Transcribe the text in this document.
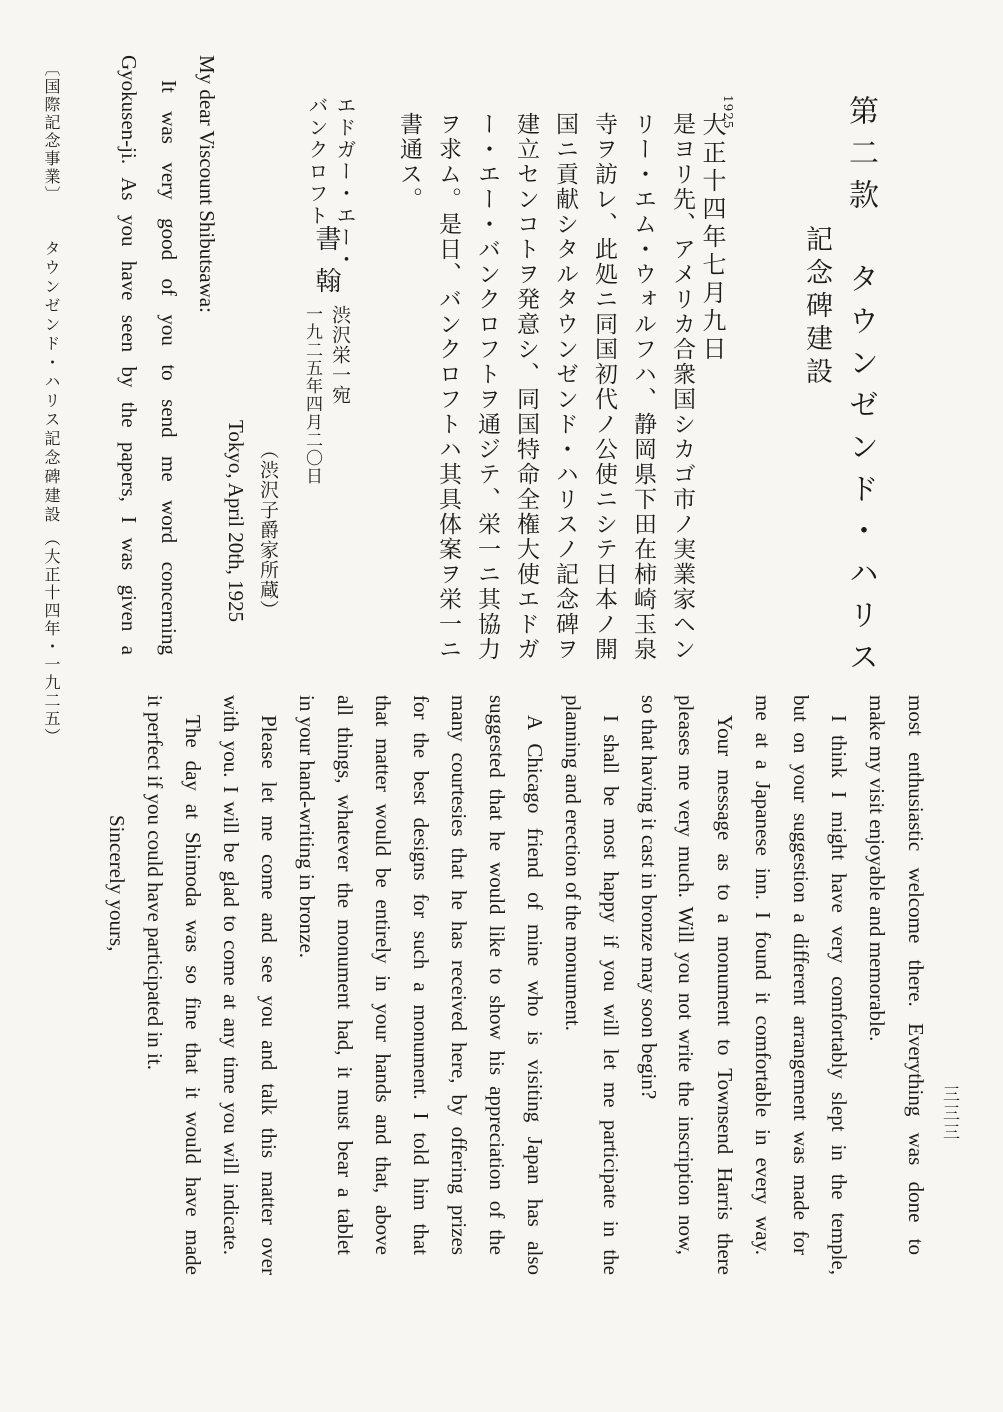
第二款　タウンゼンド・ハリス
記念碑建設
1925
大正十四年七月九日
是ヨリ先、アメリカ合衆国シカゴ市ノ実業家ヘン
リー・エム・ウォルフハ、静岡県下田在柿崎玉泉
寺ヲ訪レ、此処ニ同国初代ノ公使ニシテ日本ノ開
国ニ貢献シタルタウンゼンド・ハリスノ記念碑ヲ
建立センコトヲ発意シ、同国特命全権大使エドガ
ー・エー・バンクロフトヲ通ジテ、栄一ニ其協力
ヲ求ム。是日、バンクロフトハ其具体案ヲ栄一ニ
書通ス。
エドガー・エー・
バンクロフト
書翰
渋沢栄一宛
一九二五年四月二〇日
（渋沢子爵家所蔵）
Tokyo, April 20th, 1925
My dear Viscount Shibutsawa:
It was very good of you to send me word concerning
Gyokusen-ji. As you have seen by the papers, I was given a
most enthusiastic welcome there. Everything was done to
make my visit enjoyable and memorable.
I think I might have very comfortably slept in the temple,
but on your suggestion a different arrangement was made for
me at a Japanese inn. I found it comfortable in every way.
Your message as to a monument to Townsend Harris there
pleases me very much. Will you not write the inscription now,
so that having it cast in bronze may soon begin?
I shall be most happy if you will let me participate in the
planning and erection of the monument.
A Chicago friend of mine who is visiting Japan has also
suggested that he would like to show his appreciation of the
many courtesies that he has received here, by offering prizes
for the best designs for such a monument. I told him that
that matter would be entirely in your hands and that, above
all things, whatever the monument had, it must bear a tablet
in your hand-writing in bronze.
Please let me come and see you and talk this matter over
with you. I will be glad to come at any time you will indicate.
The day at Shimoda was so fine that it would have made
it perfect if you could have participated in it.
Sincerely yours,
〔国際記念事業〕
タウンゼンド・ハリス記念碑建設
（大正十四年・一九二五）
三三三
